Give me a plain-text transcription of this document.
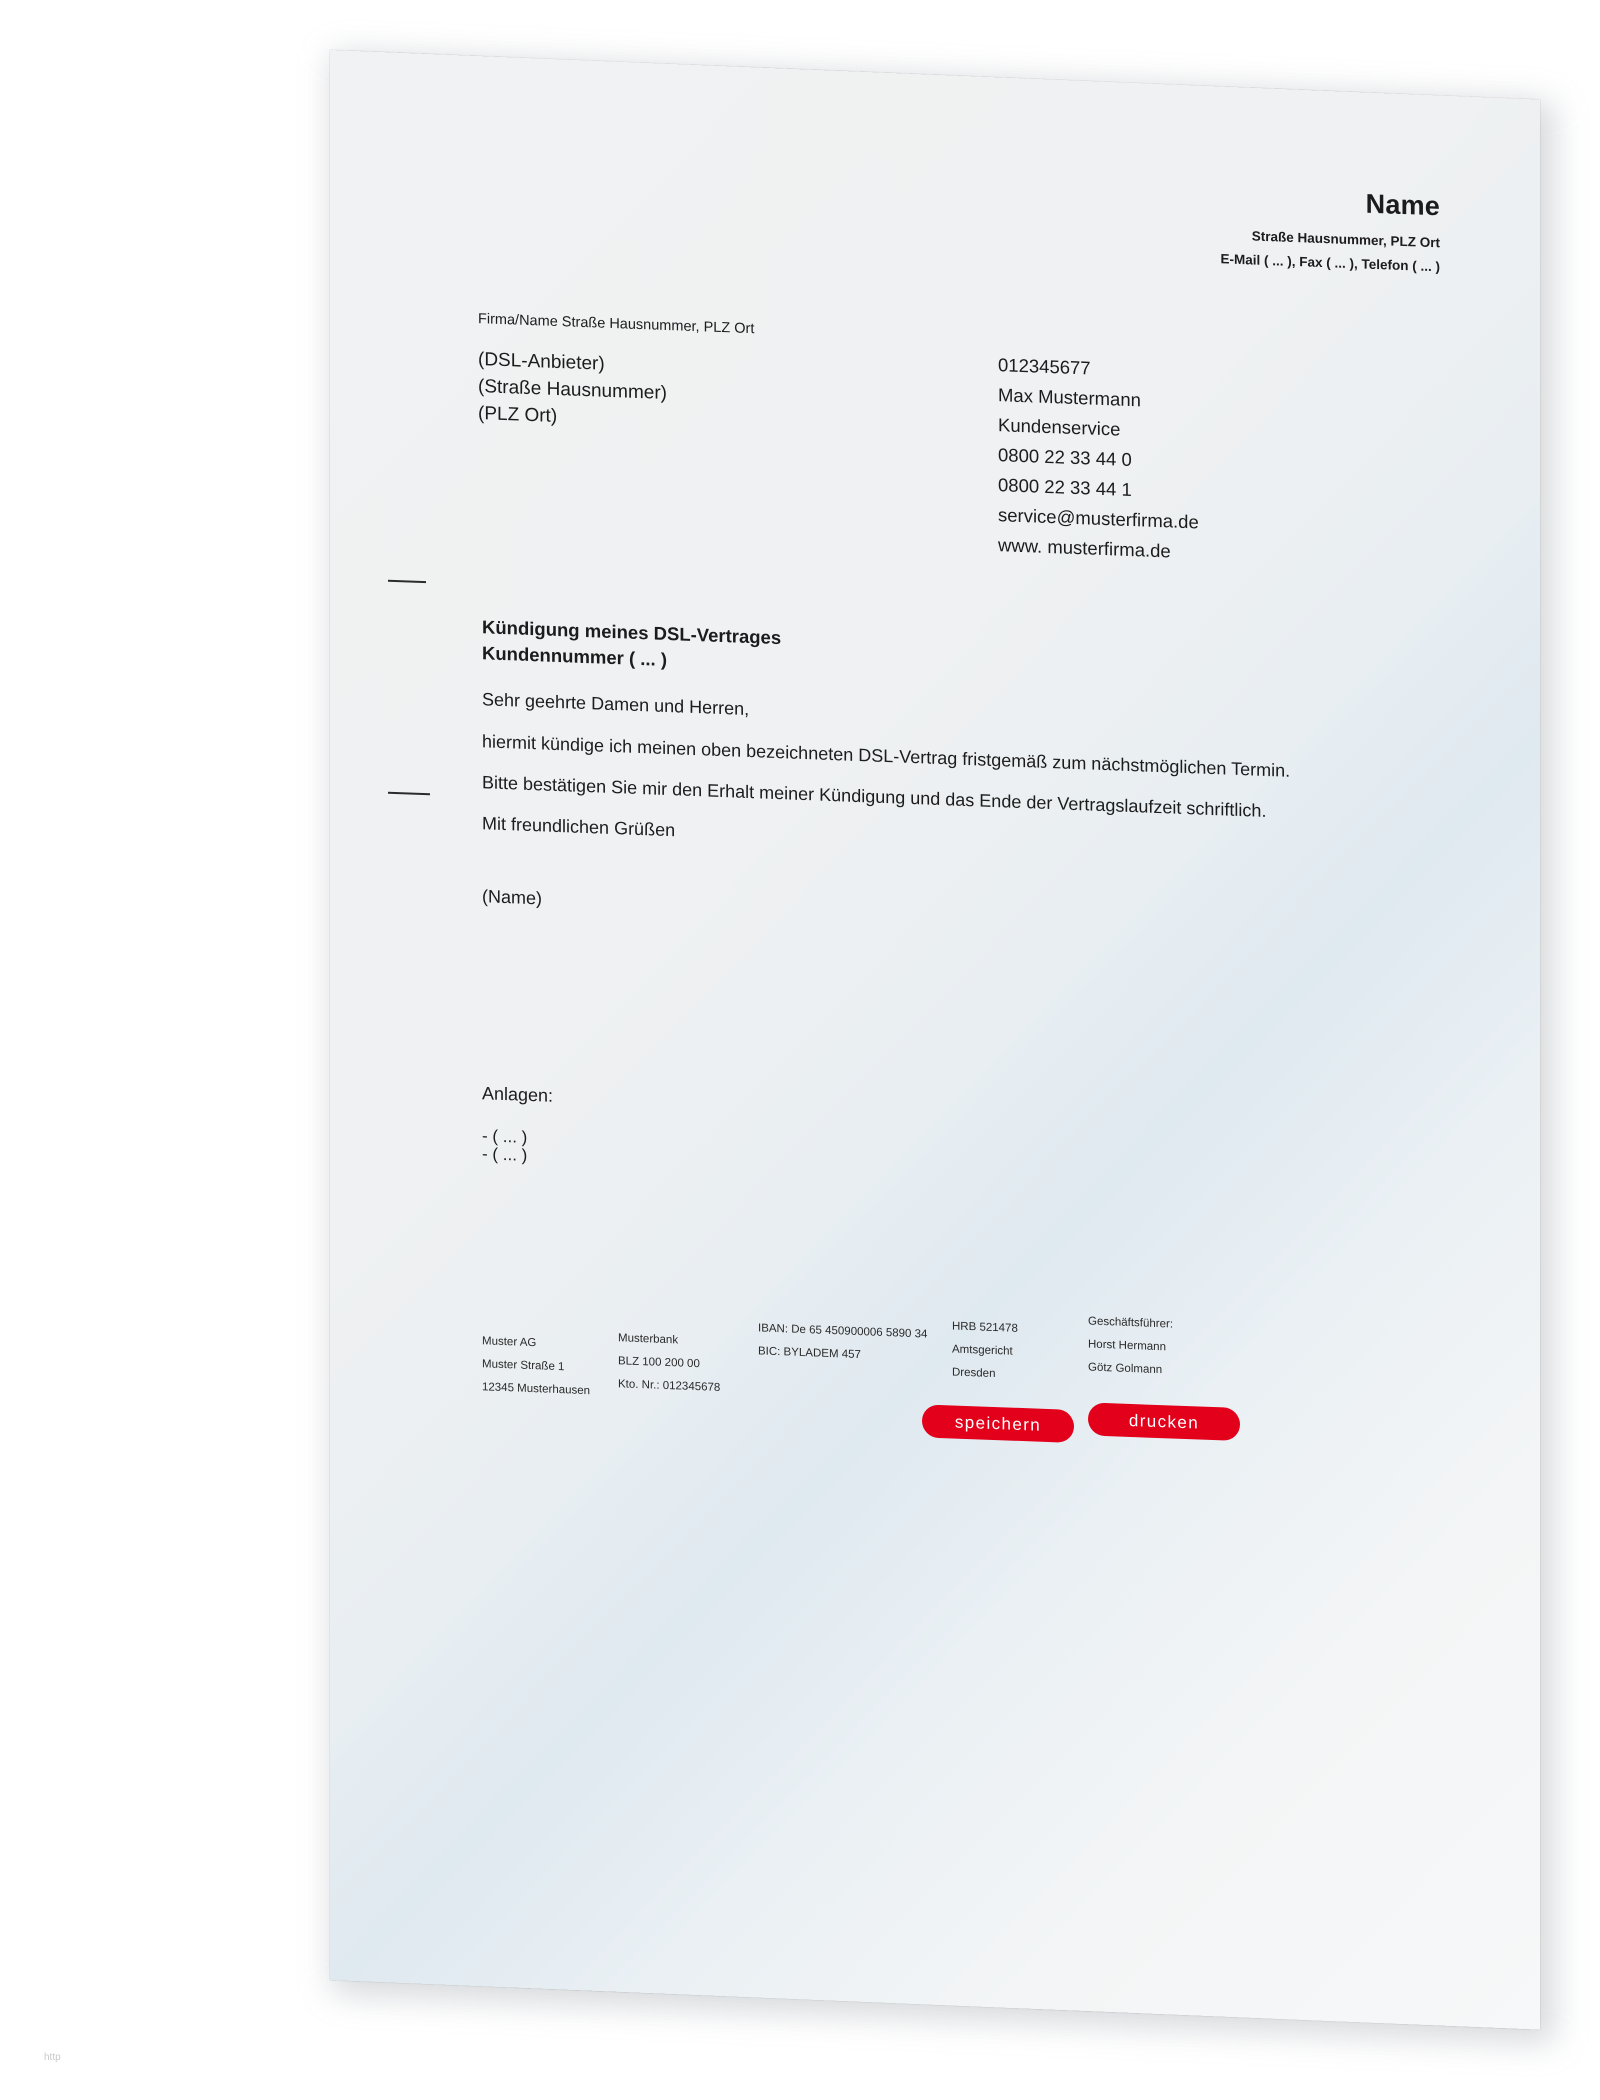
Name
Straße Hausnummer, PLZ Ort
E-Mail ( ... ), Fax ( ... ), Telefon ( ... )
Firma/Name Straße Hausnummer, PLZ Ort
(DSL-Anbieter)
(Straße Hausnummer)
(PLZ Ort)
012345677
Max Mustermann
Kundenservice
0800 22 33 44 0
0800 22 33 44 1
service@musterfirma.de
www. musterfirma.de
Kündigung meines DSL-Vertrages
Kundennummer ( ... )
Sehr geehrte Damen und Herren,
hiermit kündige ich meinen oben bezeichneten DSL-Vertrag fristgemäß zum nächstmöglichen Termin.
Bitte bestätigen Sie mir den Erhalt meiner Kündigung und das Ende der Vertragslaufzeit schriftlich.
Mit freundlichen Grüßen
(Name)
Anlagen:
- ( ... )
- ( ... )
Muster AG
Muster Straße 1
12345 Musterhausen
Musterbank
BLZ 100 200 00
Kto. Nr.: 012345678
IBAN: De 65 450900006 5890 34
BIC: BYLADEM 457
HRB 521478
Amtsgericht
Dresden
Geschäftsführer:
Horst Hermann
Götz Golmann
speichern	drucken
http
